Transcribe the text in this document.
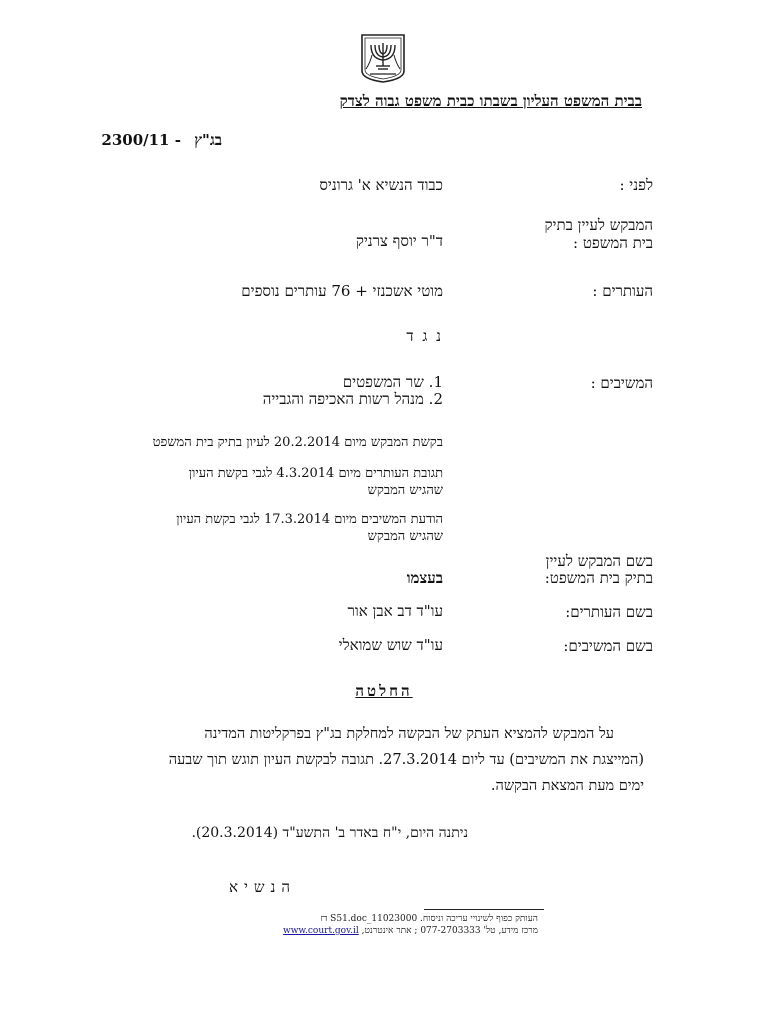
בבית המשפט העליון בשבתו כבית משפט גבוה לצדק
בג"ץ 2300/11 -
לפני :
כבוד הנשיא א' גרוניס
המבקש לעיין בתיק
בית המשפט :
ד"ר יוסף צרניק
העותרים :
מוטי אשכנזי + 76 עותרים נוספים
נ ג ד
המשיבים :
1. שר המשפטים
2. מנהל רשות האכיפה והגבייה
בקשת המבקש מיום 20.2.2014 לעיון בתיק בית המשפט
תגובת העותרים מיום 4.3.2014 לגבי בקשת העיון
שהגיש המבקש
הודעת המשיבים מיום 17.3.2014 לגבי בקשת העיון
שהגיש המבקש
בשם המבקש לעיין
בתיק בית המשפט:
בעצמו
בשם העותרים:
עו"ד דב אבן אור
בשם המשיבים:
עו"ד שוש שמואלי
החלטה
על המבקש להמציא העתק של הבקשה למחלקת בג"ץ בפרקליטות המדינה
(המייצגת את המשיבים) עד ליום 27.3.2014. תגובה לבקשת העיון תוגש תוך שבעה
ימים מעת המצאת הבקשה.
ניתנה היום, י"ח באדר ב' התשע"ד (20.3.2014).
הנשיא
העותק כפוף לשינויי עריכה וניסוח. 11023000_S51.doc דז
מרכז מידע, טל' 077-2703333 ; אתר אינטרנט, www.court.gov.il
